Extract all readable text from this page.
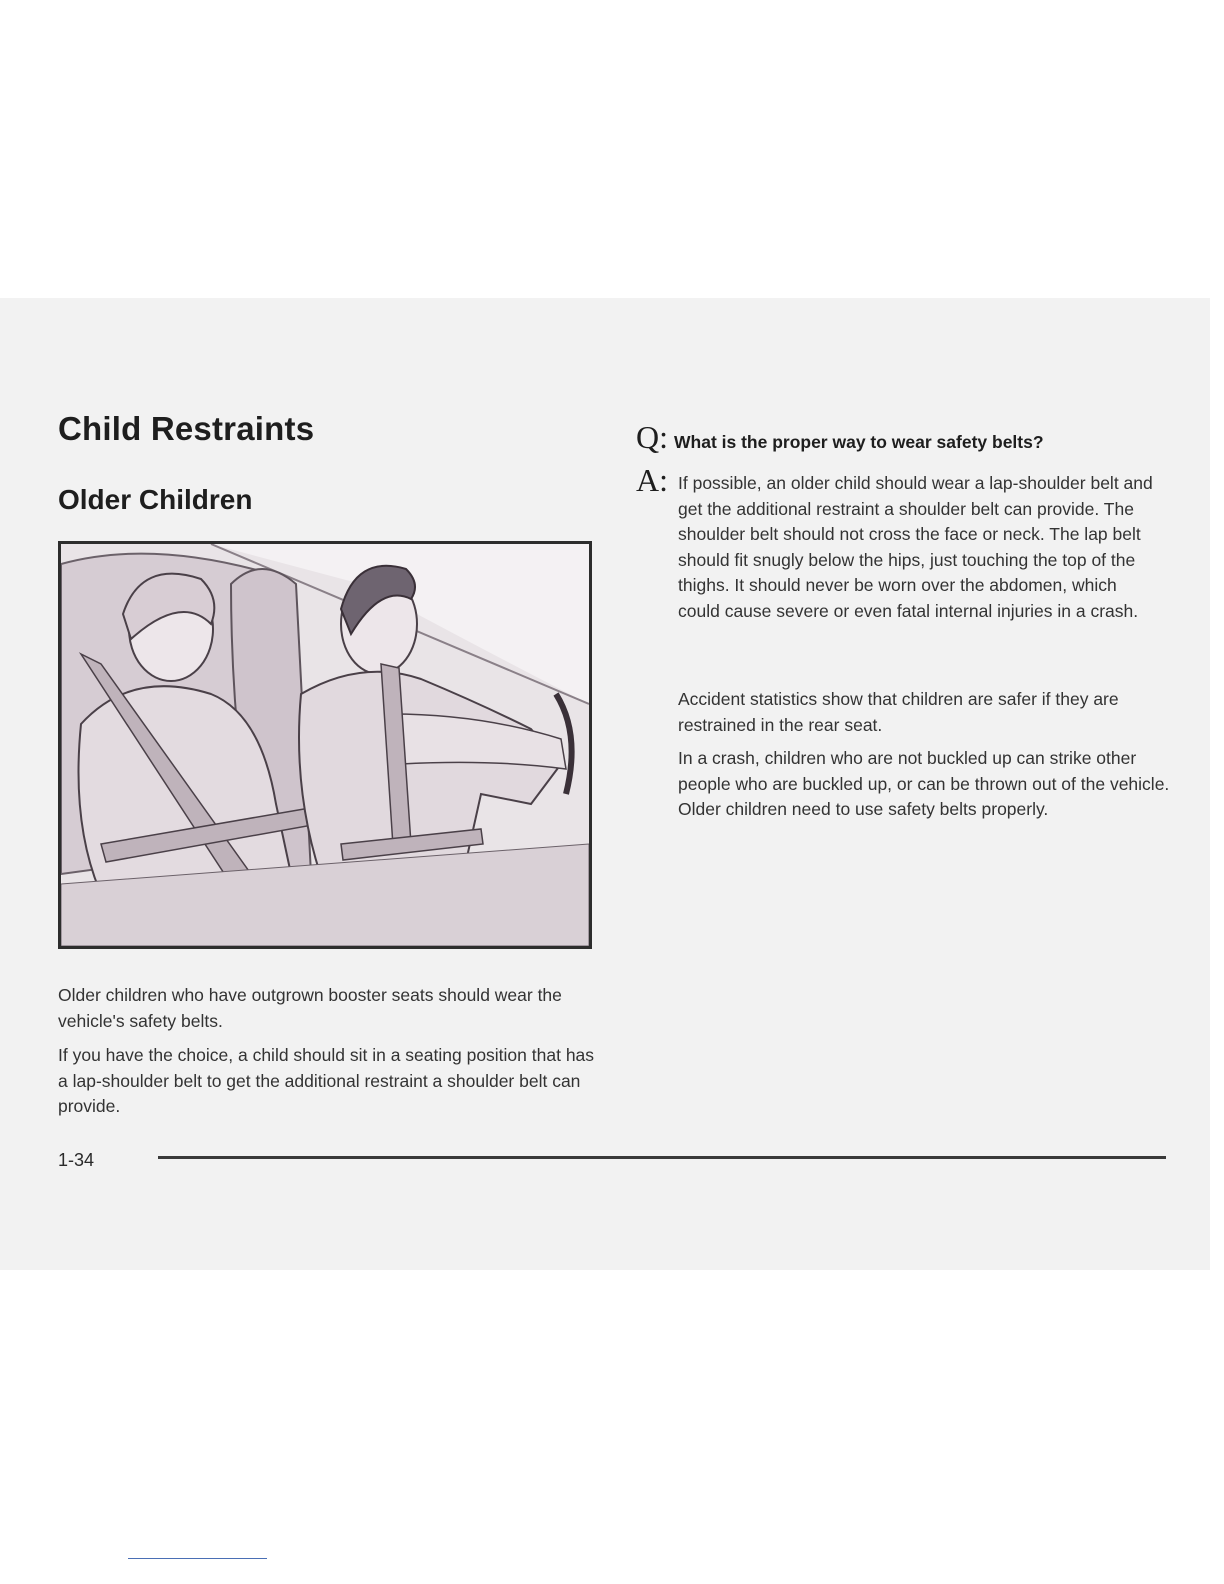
Child Restraints
Older Children

Older children who have outgrown booster seats should wear the vehicle's safety belts.

If you have the choice, a child should sit in a seating position that has a lap-shoulder belt to get the additional restraint a shoulder belt can provide.

Q: What is the proper way to wear safety belts?
A: If possible, an older child should wear a lap-shoulder belt and get the additional restraint a shoulder belt can provide. The shoulder belt should not cross the face or neck. The lap belt should fit snugly below the hips, just touching the top of the thighs. It should never be worn over the abdomen, which could cause severe or even fatal internal injuries in a crash.

Accident statistics show that children are safer if they are restrained in the rear seat.

In a crash, children who are not buckled up can strike other people who are buckled up, or can be thrown out of the vehicle. Older children need to use safety belts properly.

1-34
